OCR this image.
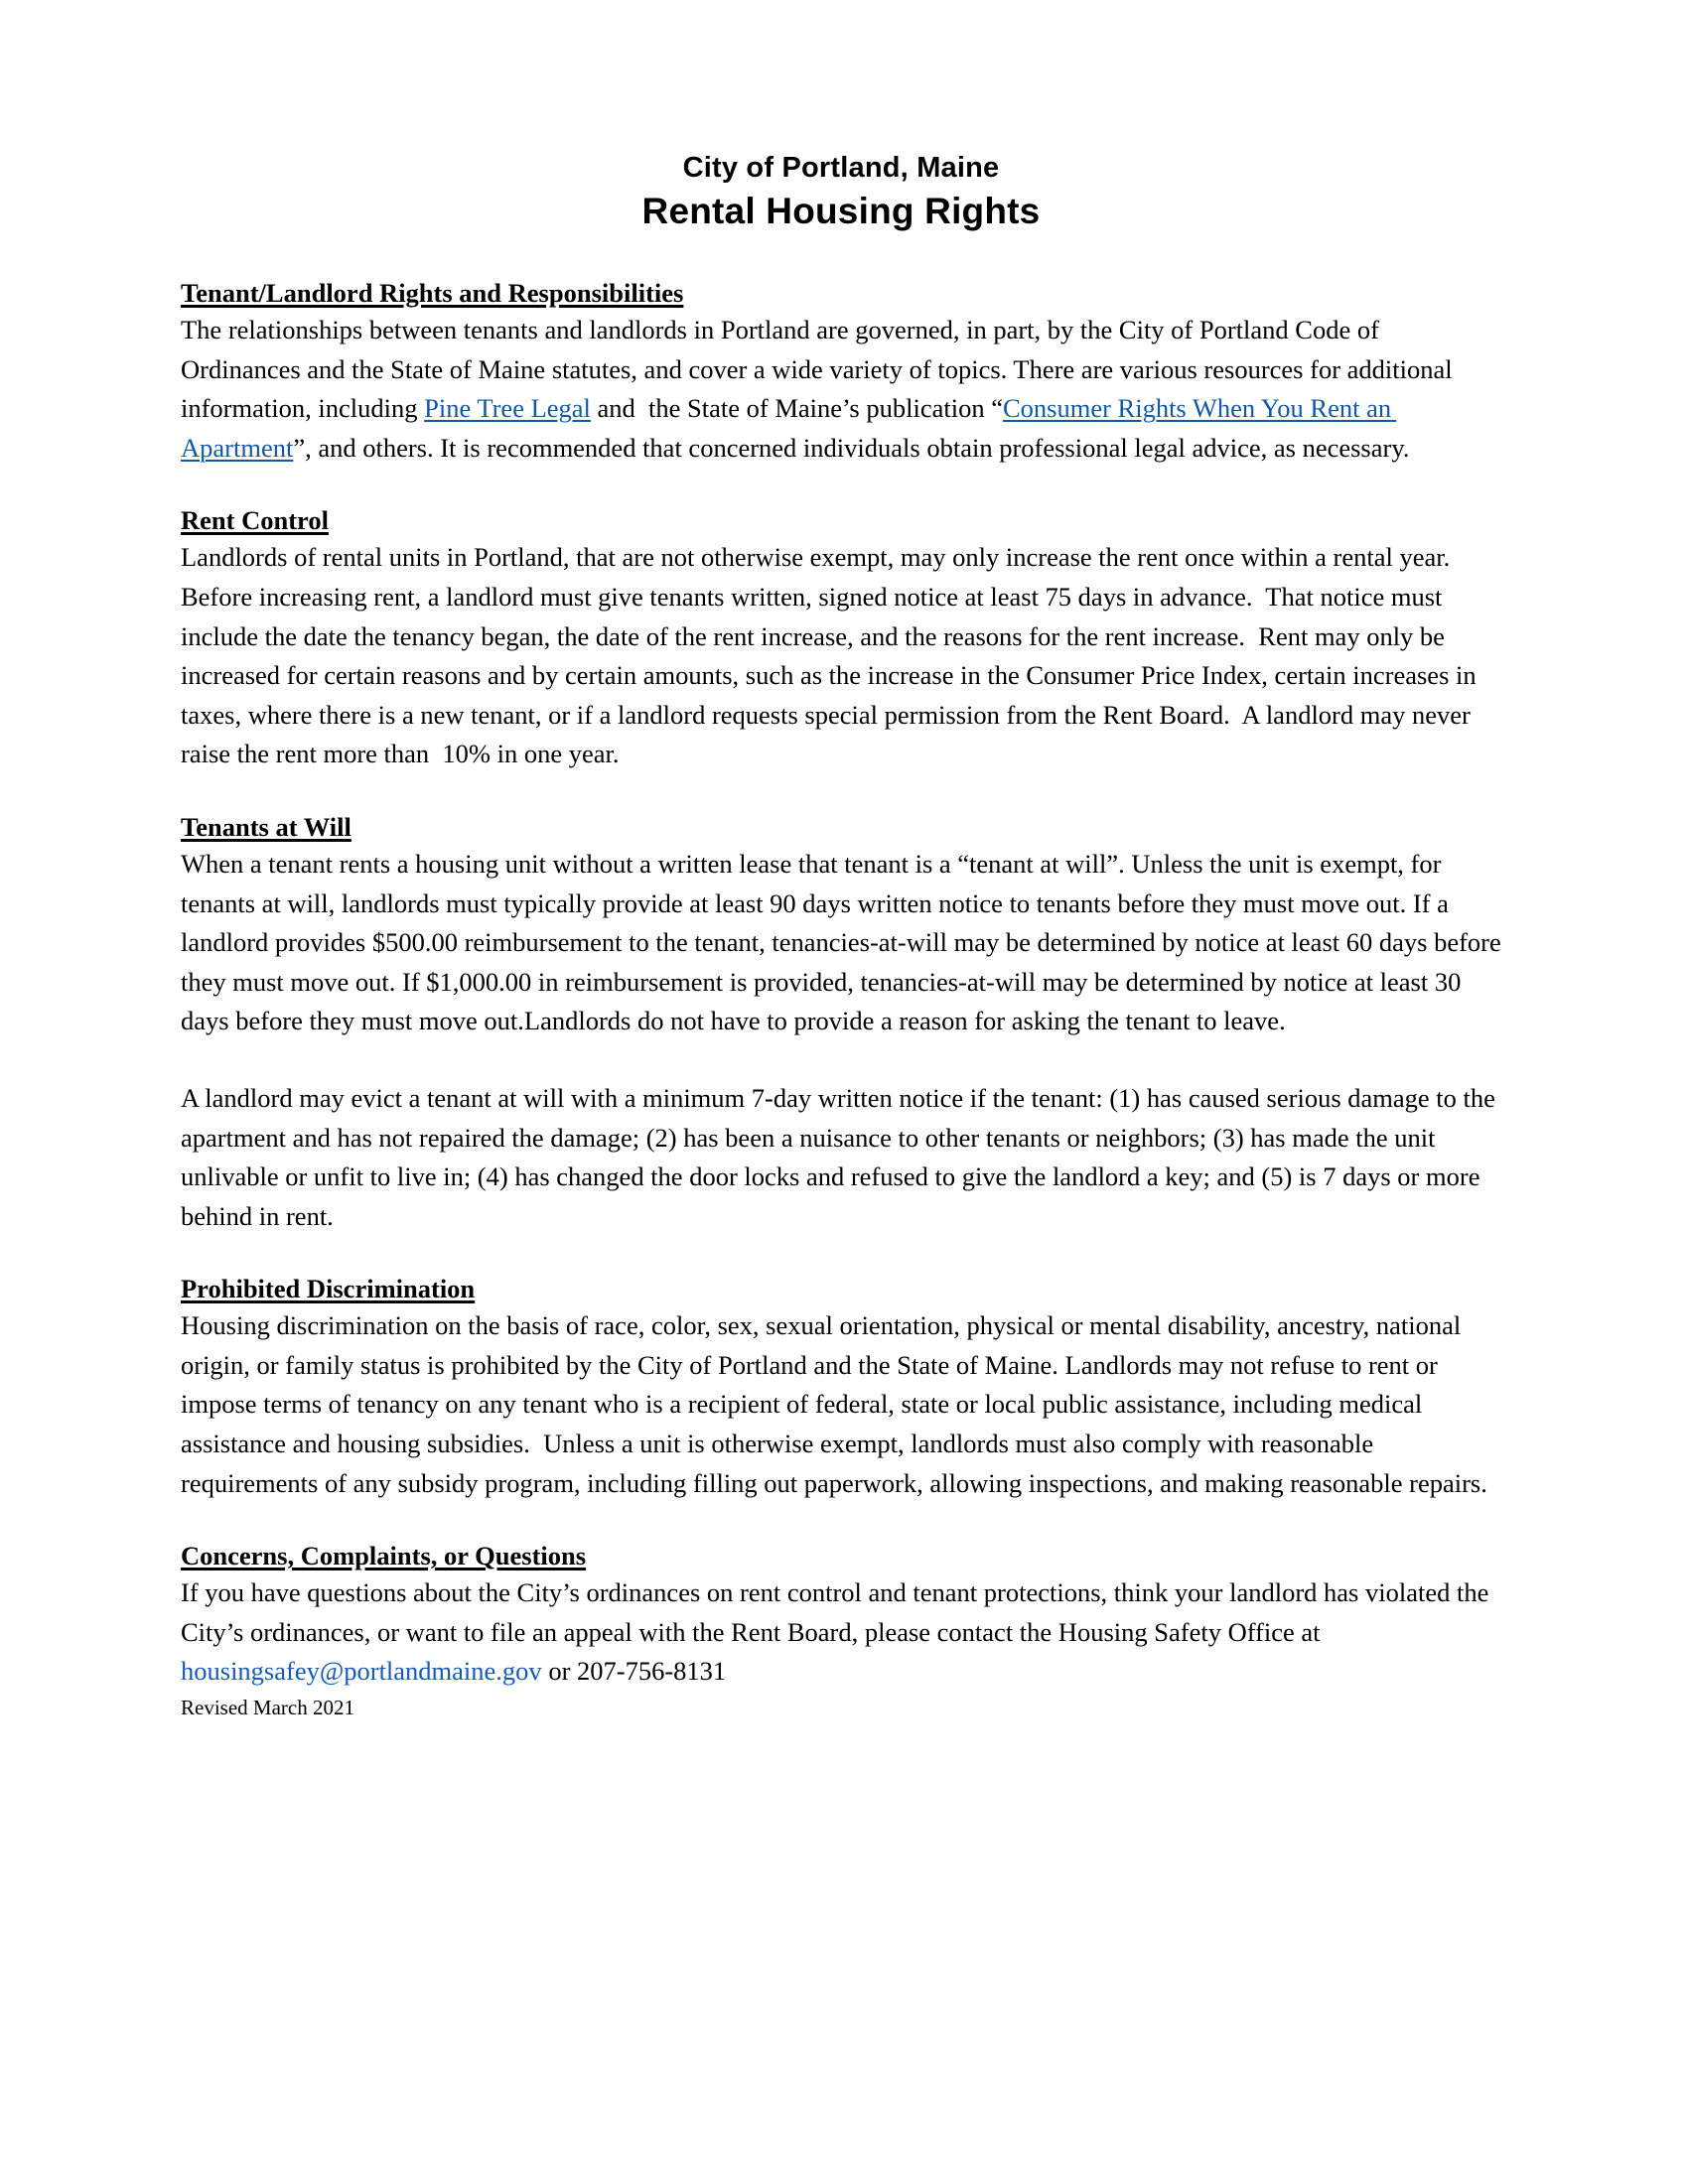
City of Portland, Maine
Rental Housing Rights
Tenant/Landlord Rights and Responsibilities

The relationships between tenants and landlords in Portland are governed, in part, by the City of Portland Code of Ordinances and the State of Maine statutes, and cover a wide variety of topics. There are various resources for additional information, including Pine Tree Legal and  the State of Maine’s publication “Consumer Rights When You Rent an Apartment”, and others. It is recommended that concerned individuals obtain professional legal advice, as necessary.

Rent Control

Landlords of rental units in Portland, that are not otherwise exempt, may only increase the rent once within a rental year.  Before increasing rent, a landlord must give tenants written, signed notice at least 75 days in advance.  That notice must include the date the tenancy began, the date of the rent increase, and the reasons for the rent increase.  Rent may only be increased for certain reasons and by certain amounts, such as the increase in the Consumer Price Index, certain increases in taxes, where there is a new tenant, or if a landlord requests special permission from the Rent Board.  A landlord may never raise the rent more than  10% in one year.

Tenants at Will

When a tenant rents a housing unit without a written lease that tenant is a “tenant at will”. Unless the unit is exempt, for tenants at will, landlords must typically provide at least 90 days written notice to tenants before they must move out. If a landlord provides $500.00 reimbursement to the tenant, tenancies-at-will may be determined by notice at least 60 days before they must move out. If $1,000.00 in reimbursement is provided, tenancies-at-will may be determined by notice at least 30 days before they must move out.Landlords do not have to provide a reason for asking the tenant to leave.

A landlord may evict a tenant at will with a minimum 7-day written notice if the tenant: (1) has caused serious damage to the apartment and has not repaired the damage; (2) has been a nuisance to other tenants or neighbors; (3) has made the unit unlivable or unfit to live in; (4) has changed the door locks and refused to give the landlord a key; and (5) is 7 days or more behind in rent.

Prohibited Discrimination

Housing discrimination on the basis of race, color, sex, sexual orientation, physical or mental disability, ancestry, national origin, or family status is prohibited by the City of Portland and the State of Maine. Landlords may not refuse to rent or impose terms of tenancy on any tenant who is a recipient of federal, state or local public assistance, including medical assistance and housing subsidies.  Unless a unit is otherwise exempt, landlords must also comply with reasonable requirements of any subsidy program, including filling out paperwork, allowing inspections, and making reasonable repairs.

Concerns, Complaints, or Questions

If you have questions about the City’s ordinances on rent control and tenant protections, think your landlord has violated the City’s ordinances, or want to file an appeal with the Rent Board, please contact the Housing Safety Office at housingsafey@portlandmaine.gov or 207-756-8131

Revised March 2021
